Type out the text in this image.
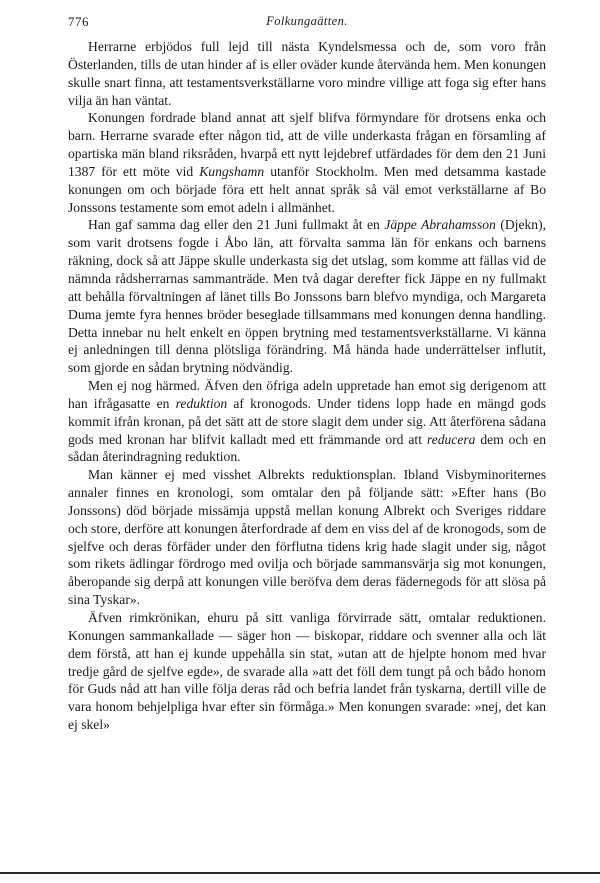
776	Folkungaätten.

Herrarne erbjödos full lejd till nästa Kyndelsmessa och de, som voro från Österlanden, tills de utan hinder af is eller oväder kunde återvända hem. Men konungen skulle snart finna, att testamentsverkställarne voro mindre villige att foga sig efter hans vilja än han väntat.

Konungen fordrade bland annat att sjelf blifva förmyndare för drotsens enka och barn. Herrarne svarade efter någon tid, att de ville underkasta frågan en församling af opartiska män bland riksråden, hvarpå ett nytt lejdebref utfärdades för dem den 21 Juni 1387 för ett möte vid Kungshamn utanför Stockholm. Men med detsamma kastade konungen om och började föra ett helt annat språk så väl emot verkställarne af Bo Jonssons testamente som emot adeln i allmänhet.

Han gaf samma dag eller den 21 Juni fullmakt åt en Jäppe Abrahamsson (Djekn), som varit drotsens fogde i Åbo län, att förvalta samma län för enkans och barnens räkning, dock så att Jäppe skulle underkasta sig det utslag, som komme att fällas vid de nämnda rådsherrarnas sammanträde. Men två dagar derefter fick Jäppe en ny fullmakt att behålla förvaltningen af länet tills Bo Jonssons barn blefvo myndiga, och Margareta Duma jemte fyra hennes bröder beseglade tillsammans med konungen denna handling. Detta innebar nu helt enkelt en öppen brytning med testamentsverkställarne. Vi känna ej anledningen till denna plötsliga förändring. Må hända hade underrättelser influtit, som gjorde en sådan brytning nödvändig.

Men ej nog härmed. Äfven den öfriga adeln uppretade han emot sig derigenom att han ifrågasatte en reduktion af kronogods. Under tidens lopp hade en mängd gods kommit ifrån kronan, på det sätt att de store slagit dem under sig. Att återförena sådana gods med kronan har blifvit kalladt med ett främmande ord att reducera dem och en sådan återindragning reduktion.

Man känner ej med visshet Albrekts reduktionsplan. Ibland Visbyminoriternes annaler finnes en kronologi, som omtalar den på följande sätt: »Efter hans (Bo Jonssons) död började missämja uppstå mellan konung Albrekt och Sveriges riddare och store, derföre att konungen återfordrade af dem en viss del af de kronogods, som de sjelfve och deras förfäder under den förflutna tidens krig hade slagit under sig, något som rikets ädlingar fördrogo med ovilja och började sammansvärja sig mot konungen, åberopande sig derpå att konungen ville beröfva dem deras fädernegods för att slösa på sina Tyskar».

Äfven rimkrönikan, ehuru på sitt vanliga förvirrade sätt, omtalar reduktionen. Konungen sammankallade — säger hon — biskopar, riddare och svenner alla och lät dem förstå, att han ej kunde uppehålla sin stat, »utan att de hjelpte honom med hvar tredje gård de sjelfve egde», de svarade alla »att det föll dem tungt på och bådo honom för Guds nåd att han ville följa deras råd och befria landet från tyskarna, dertill ville de vara honom behjelpliga hvar efter sin förmåga.» Men konungen svarade: »nej, det kan ej skel»
